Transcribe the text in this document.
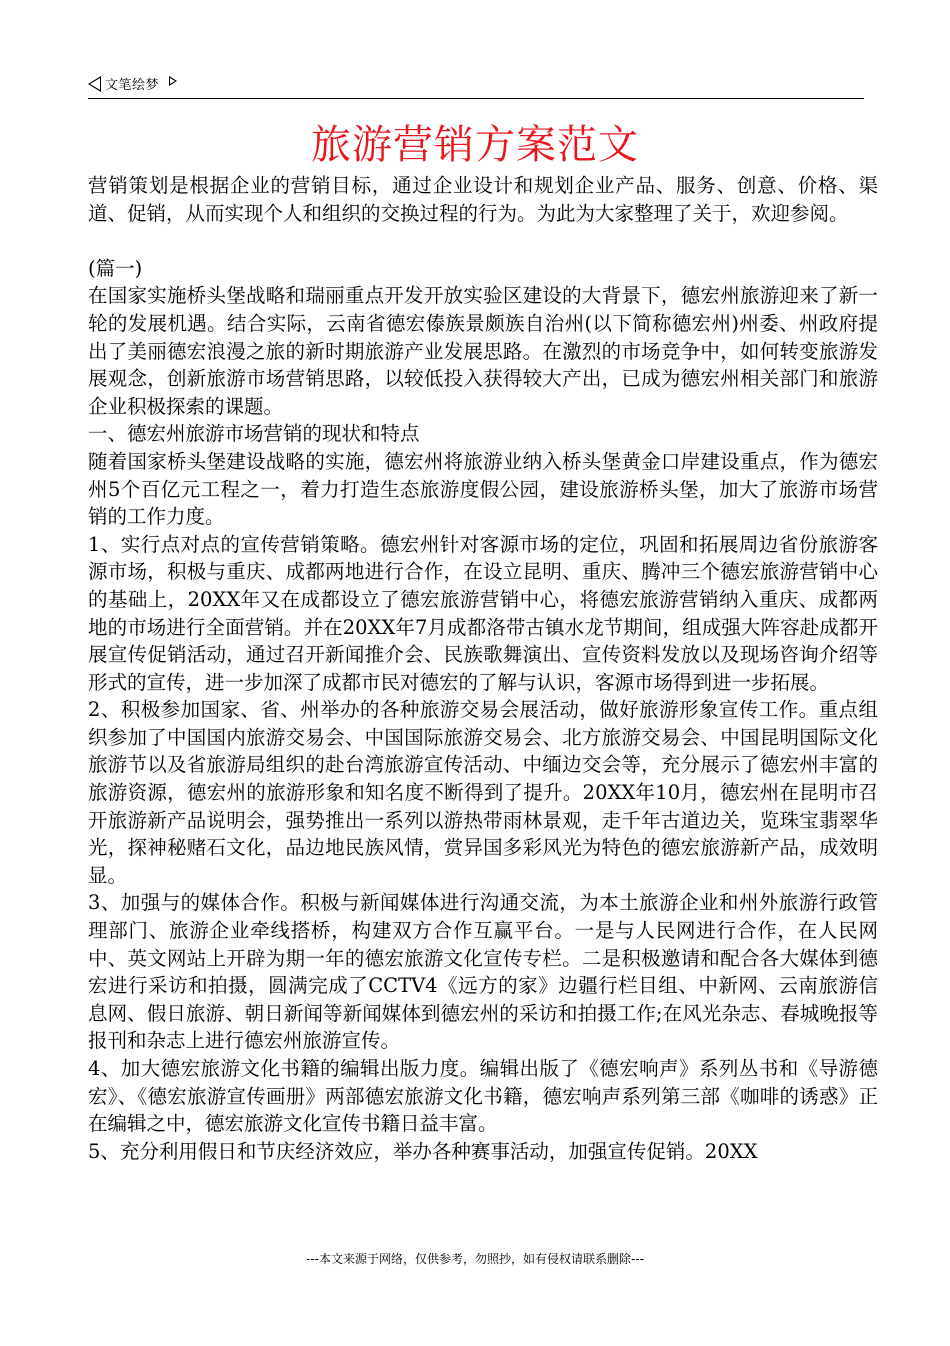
文笔绘梦
旅游营销方案范文

营销策划是根据企业的营销目标，通过企业设计和规划企业产品、服务、创意、价格、渠道、促销，从而实现个人和组织的交换过程的行为。为此为大家整理了关于，欢迎参阅。

(篇一)

在国家实施桥头堡战略和瑞丽重点开发开放实验区建设的大背景下，德宏州旅游迎来了新一轮的发展机遇。结合实际，云南省德宏傣族景颇族自治州(以下简称德宏州)州委、州政府提出了美丽德宏浪漫之旅的新时期旅游产业发展思路。在激烈的市场竞争中，如何转变旅游发展观念，创新旅游市场营销思路，以较低投入获得较大产出，已成为德宏州相关部门和旅游企业积极探索的课题。

一、德宏州旅游市场营销的现状和特点

随着国家桥头堡建设战略的实施，德宏州将旅游业纳入桥头堡黄金口岸建设重点，作为德宏州5个百亿元工程之一，着力打造生态旅游度假公园，建设旅游桥头堡，加大了旅游市场营销的工作力度。

1、实行点对点的宣传营销策略。德宏州针对客源市场的定位，巩固和拓展周边省份旅游客源市场，积极与重庆、成都两地进行合作，在设立昆明、重庆、腾冲三个德宏旅游营销中心的基础上，20XX年又在成都设立了德宏旅游营销中心，将德宏旅游营销纳入重庆、成都两地的市场进行全面营销。并在20XX年7月成都洛带古镇水龙节期间，组成强大阵容赴成都开展宣传促销活动，通过召开新闻推介会、民族歌舞演出、宣传资料发放以及现场咨询介绍等形式的宣传，进一步加深了成都市民对德宏的了解与认识，客源市场得到进一步拓展。

2、积极参加国家、省、州举办的各种旅游交易会展活动，做好旅游形象宣传工作。重点组织参加了中国国内旅游交易会、中国国际旅游交易会、北方旅游交易会、中国昆明国际文化旅游节以及省旅游局组织的赴台湾旅游宣传活动、中缅边交会等，充分展示了德宏州丰富的旅游资源，德宏州的旅游形象和知名度不断得到了提升。20XX年10月，德宏州在昆明市召开旅游新产品说明会，强势推出一系列以游热带雨林景观，走千年古道边关，览珠宝翡翠华光，探神秘赌石文化，品边地民族风情，赏异国多彩风光为特色的德宏旅游新产品，成效明显。

3、加强与的媒体合作。积极与新闻媒体进行沟通交流，为本土旅游企业和州外旅游行政管理部门、旅游企业牵线搭桥，构建双方合作互赢平台。一是与人民网进行合作，在人民网中、英文网站上开辟为期一年的德宏旅游文化宣传专栏。二是积极邀请和配合各大媒体到德宏进行采访和拍摄，圆满完成了CCTV4《远方的家》边疆行栏目组、中新网、云南旅游信息网、假日旅游、朝日新闻等新闻媒体到德宏州的采访和拍摄工作;在风光杂志、春城晚报等报刊和杂志上进行德宏州旅游宣传。

4、加大德宏旅游文化书籍的编辑出版力度。编辑出版了《德宏响声》系列丛书和《导游德宏》、《德宏旅游宣传画册》两部德宏旅游文化书籍，德宏响声系列第三部《咖啡的诱惑》正在编辑之中，德宏旅游文化宣传书籍日益丰富。

5、充分利用假日和节庆经济效应，举办各种赛事活动，加强宣传促销。20XX

---本文来源于网络，仅供参考，勿照抄，如有侵权请联系删除---
